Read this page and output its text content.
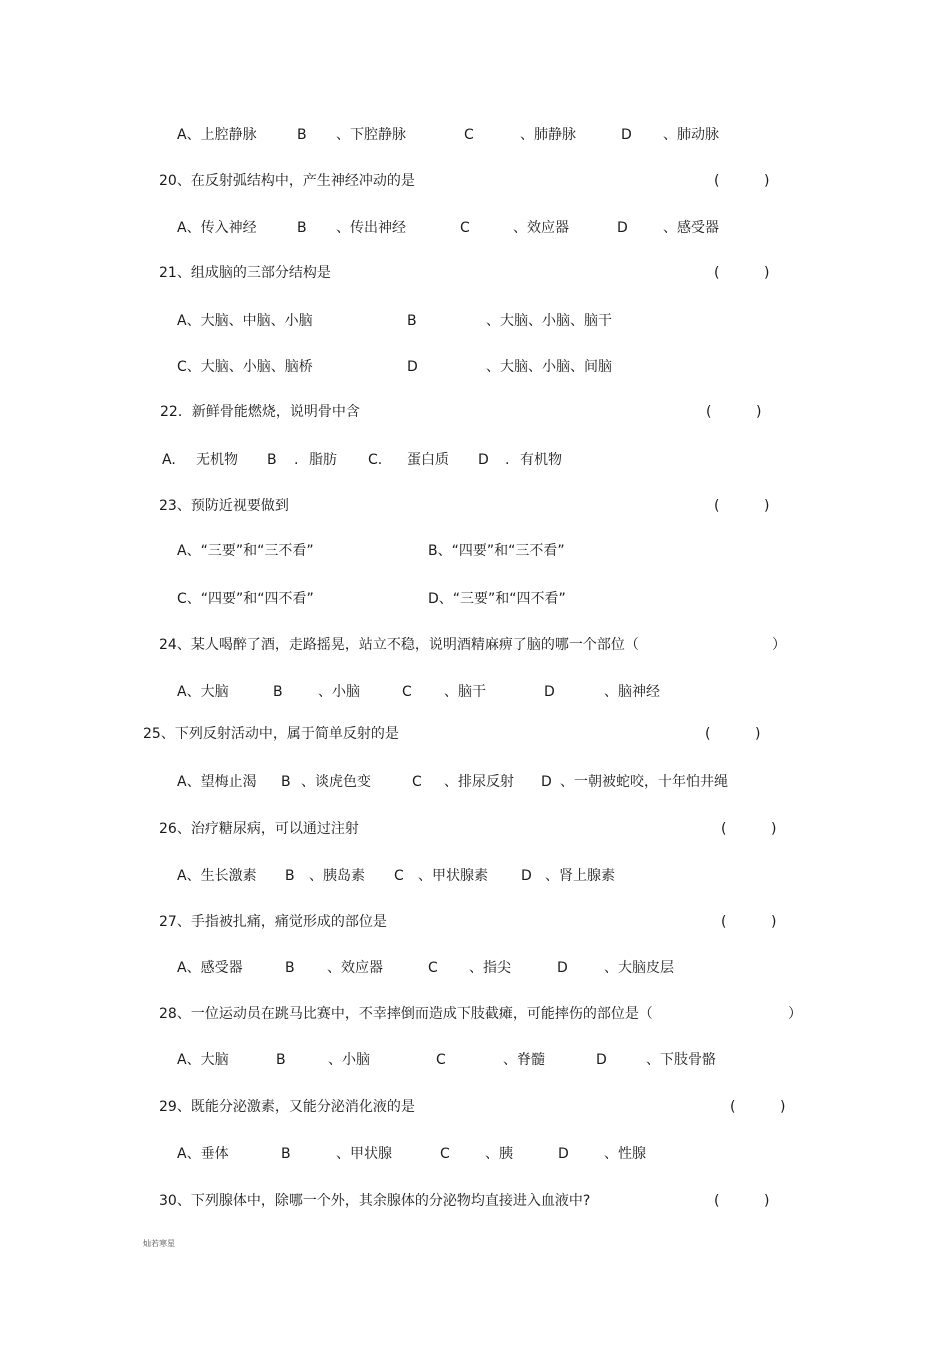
A、上腔静脉	B 、下腔静脉	C	、肺静脉	D 、肺动脉
20、在反射弧结构中，产生神经冲动的是	(          )
A、传入神经	B 、传出神经	C	、效应器	D	、感受器
21、组成脑的三部分结构是	(          )
A、大脑、中脑、小脑	B	、大脑、小脑、脑干
C、大脑、小脑、脑桥	D	、大脑、小脑、间脑
22．新鲜骨能燃烧，说明骨中含	(          )
A. 无机物 B . 脂肪 C. 蛋白质 D . 有机物
23、预防近视要做到	(          )
A、“三要”和“三不看”	B、“四要”和“三不看”
C、“四要”和“四不看”	D、“三要”和“四不看”
24、某人喝醉了酒，走路摇晃，站立不稳，说明酒精麻痹了脑的哪一个部位（	）
A、大脑	B	、小脑	C 、脑干	D	、脑神经
25、下列反射活动中，属于简单反射的是	(          )
A、望梅止渴 B 、谈虎色变	C 、排尿反射 D 、一朝被蛇咬，十年怕井绳
26、治疗糖尿病，可以通过注射	(          )
A、生长激素 B 、胰岛素 C 、甲状腺素 D 、肾上腺素
27、手指被扎痛，痛觉形成的部位是	(          )
A、感受器	B 、效应器	C 、指尖	D	、大脑皮层
28、一位运动员在跳马比赛中，不幸摔倒而造成下肢截瘫，可能摔伤的部位是（	）
A、大脑	B	、小脑	C	、脊髓	D	、下肢骨骼
29、既能分泌激素，又能分泌消化液的是	(          )
A、垂体	B	、甲状腺	C	、胰	D	、性腺
30、下列腺体中，除哪一个外，其余腺体的分泌物均直接进入血液中?	(          )
灿若寒星
